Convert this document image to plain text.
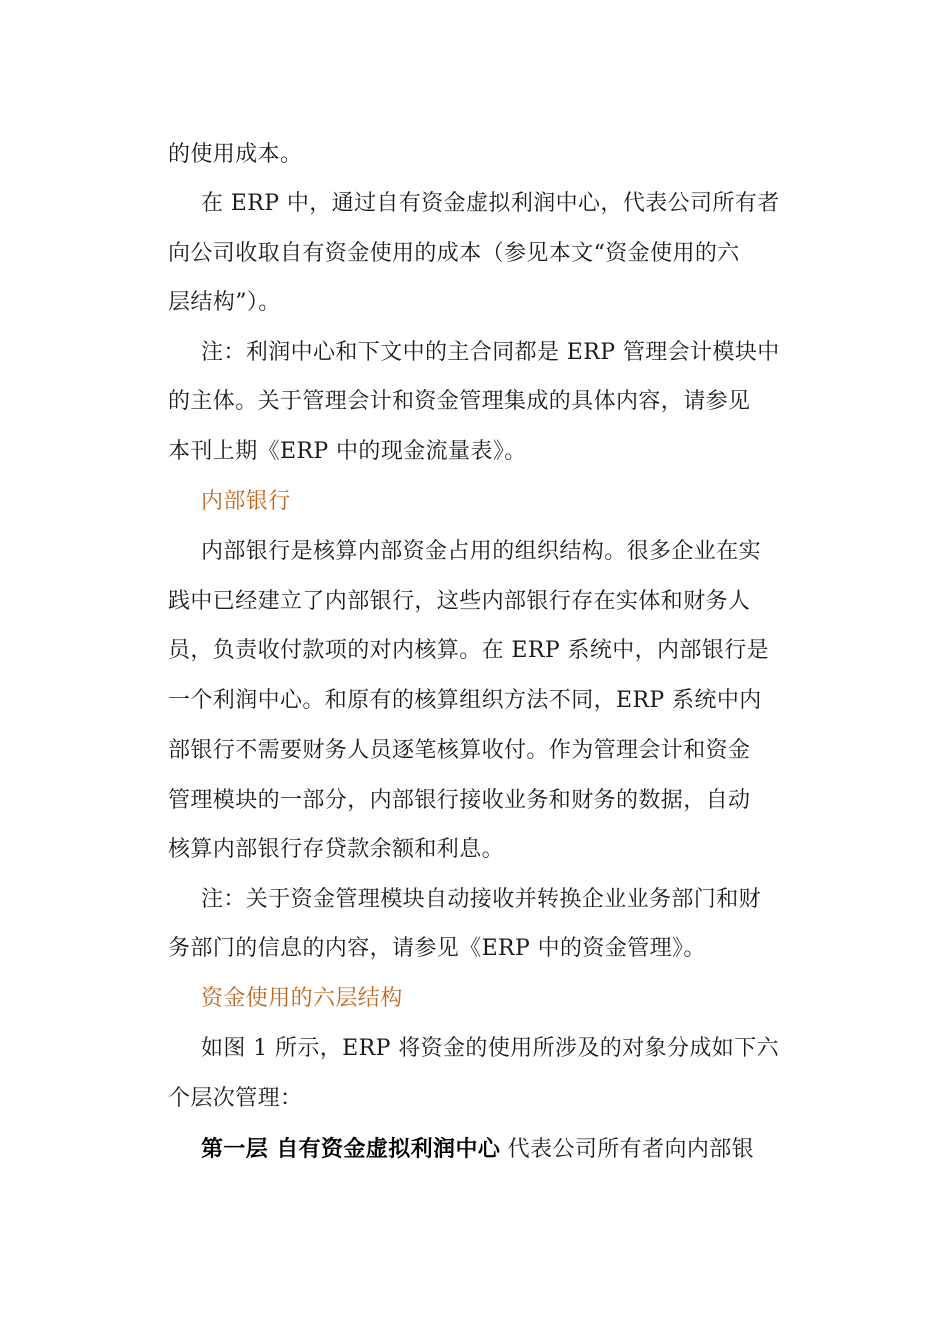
的使用成本。
在 ERP 中，通过自有资金虚拟利润中心，代表公司所有者
向公司收取自有资金使用的成本（参见本文“资金使用的六
层结构”）。
注：利润中心和下文中的主合同都是 ERP 管理会计模块中
的主体。关于管理会计和资金管理集成的具体内容，请参见
本刊上期《ERP 中的现金流量表》。
内部银行
内部银行是核算内部资金占用的组织结构。很多企业在实
践中已经建立了内部银行，这些内部银行存在实体和财务人
员，负责收付款项的对内核算。在 ERP 系统中，内部银行是
一个利润中心。和原有的核算组织方法不同，ERP 系统中内
部银行不需要财务人员逐笔核算收付。作为管理会计和资金
管理模块的一部分，内部银行接收业务和财务的数据，自动
核算内部银行存贷款余额和利息。
注：关于资金管理模块自动接收并转换企业业务部门和财
务部门的信息的内容，请参见《ERP 中的资金管理》。
资金使用的六层结构
如图 1 所示，ERP 将资金的使用所涉及的对象分成如下六
个层次管理：
第一层 自有资金虚拟利润中心 代表公司所有者向内部银
